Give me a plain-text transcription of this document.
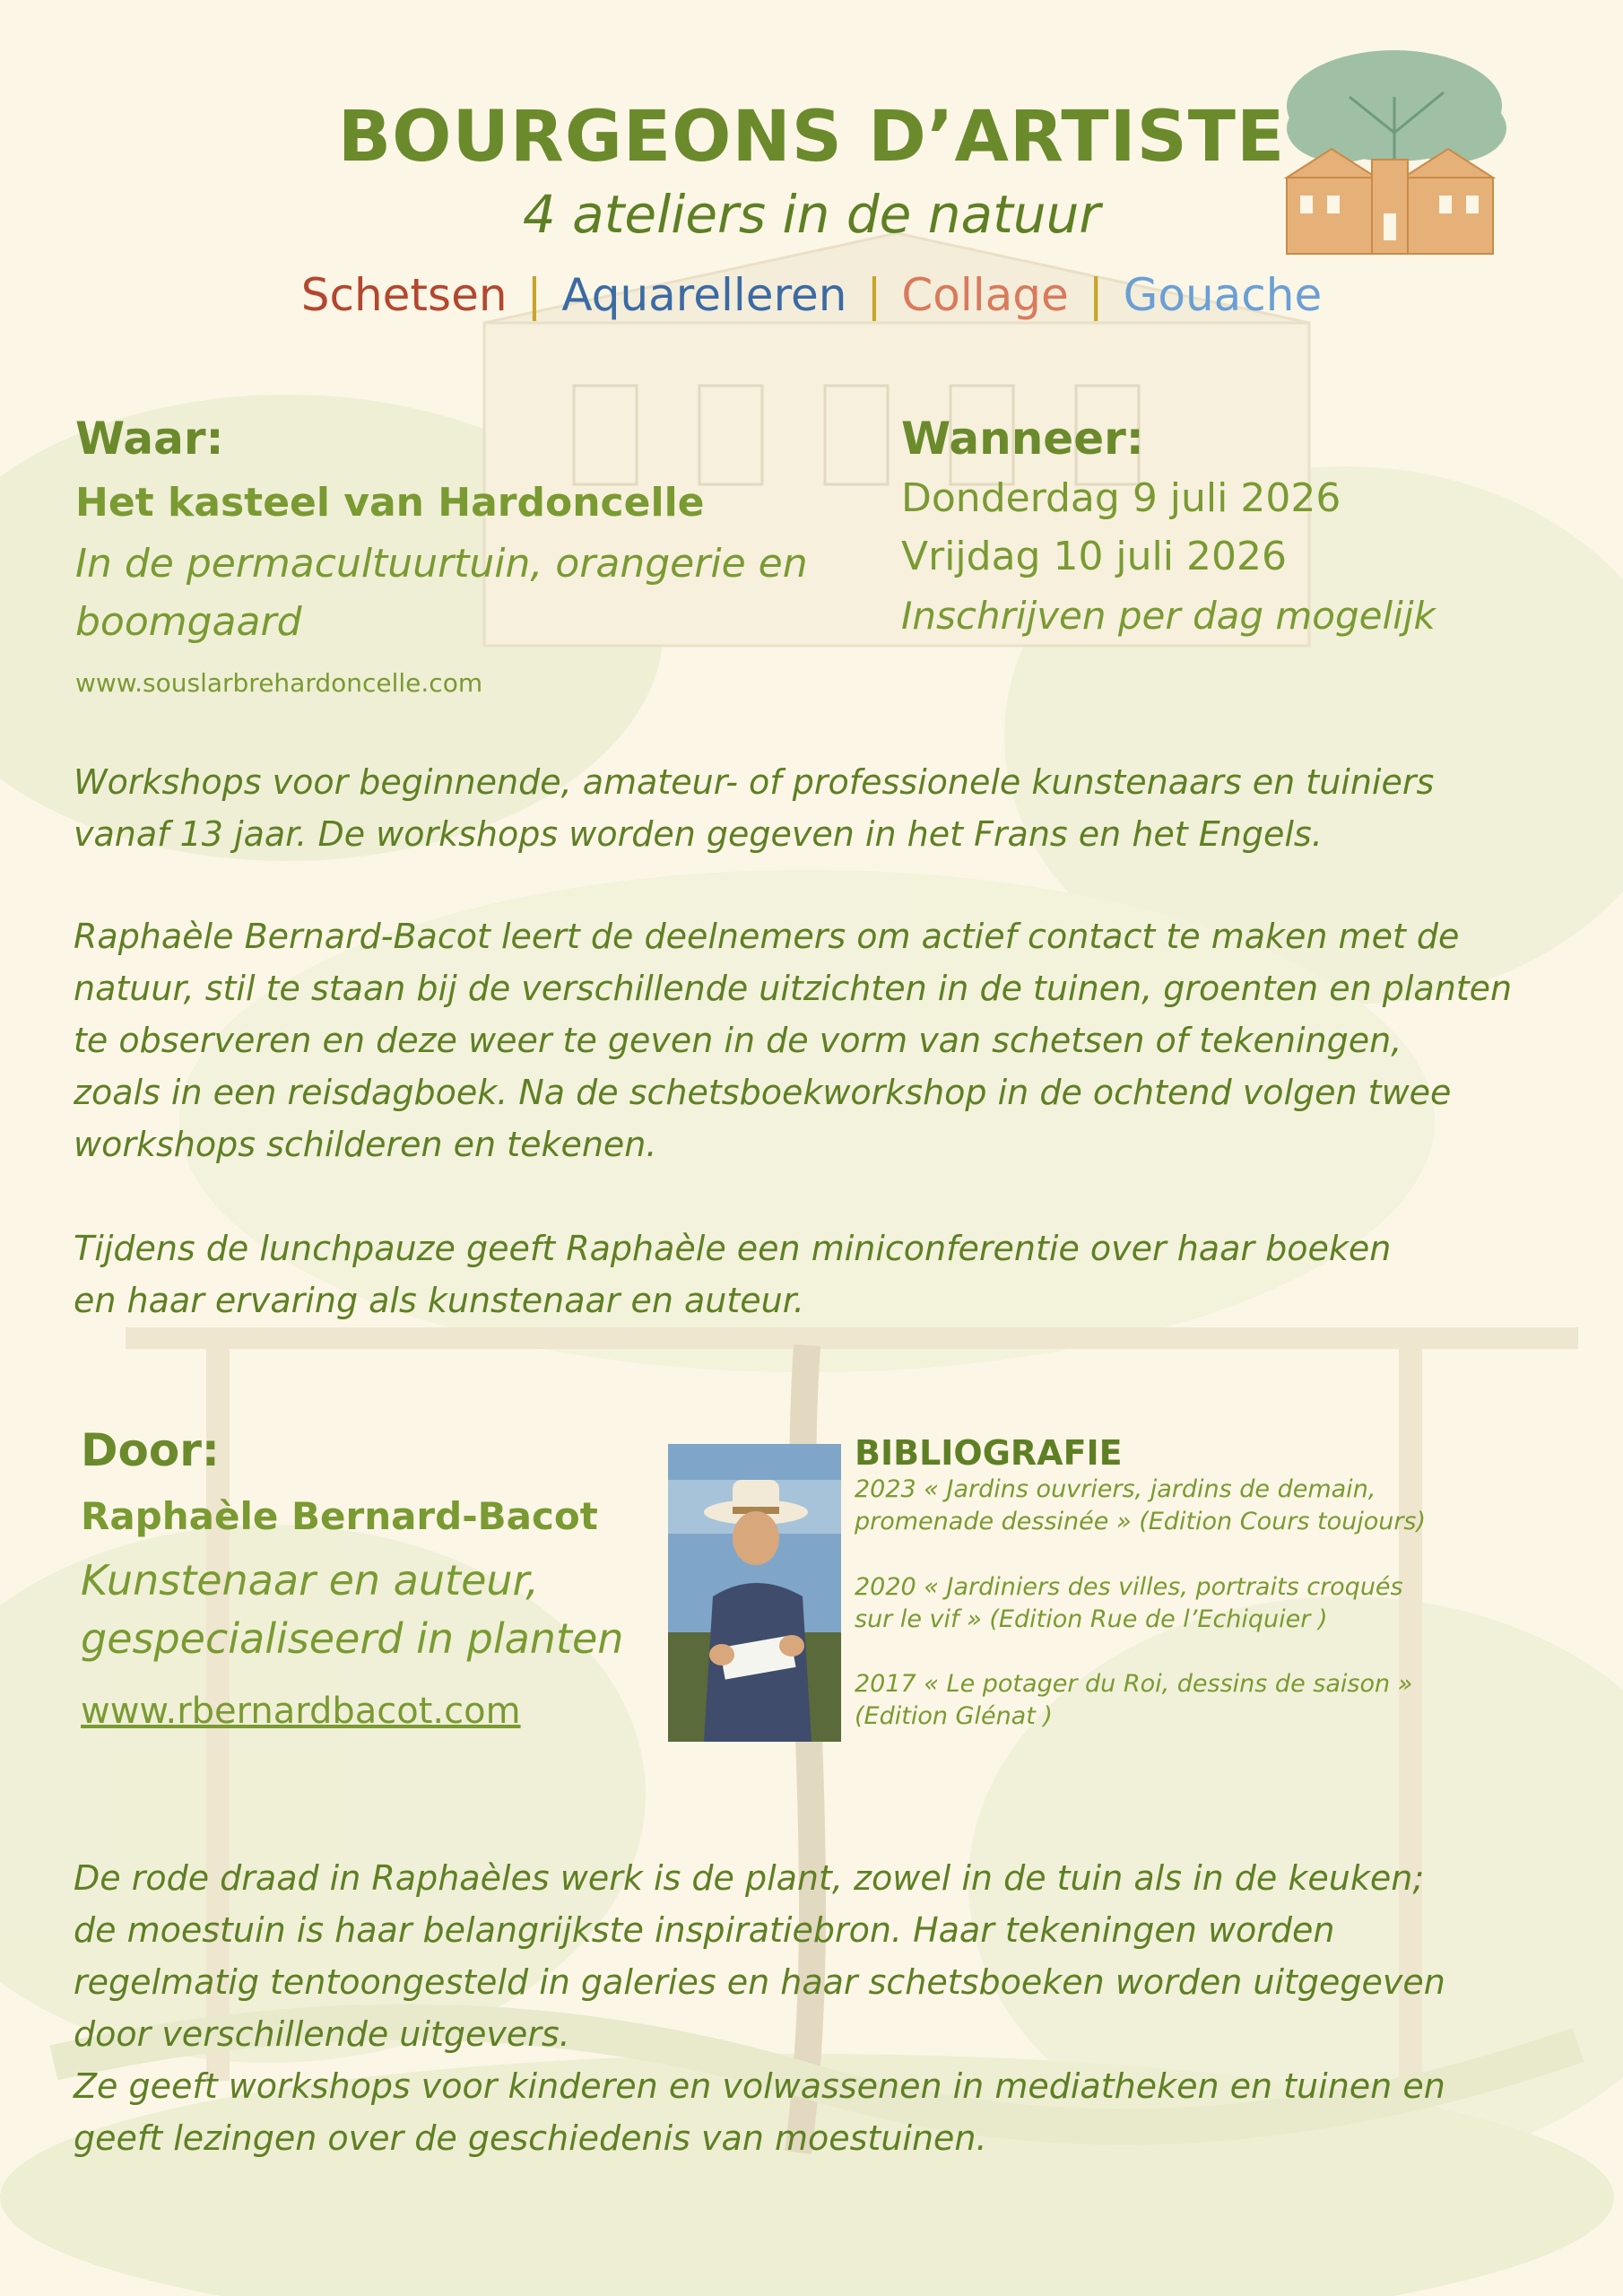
BOURGEONS D’ARTISTE
4 ateliers in de natuur
Schetsen | Aquarelleren | Collage | Gouache
Waar:
Het kasteel van Hardoncelle
In de permacultuurtuin, orangerie en
boomgaard
www.souslarbrehardoncelle.com
Wanneer:
Donderdag 9 juli 2026
Vrijdag 10 juli 2026
Inschrijven per dag mogelijk
Workshops voor beginnende, amateur- of professionele kunstenaars en tuiniers
vanaf 13 jaar. De workshops worden gegeven in het Frans en het Engels.
Raphaèle Bernard-Bacot leert de deelnemers om actief contact te maken met de
natuur, stil te staan bij de verschillende uitzichten in de tuinen, groenten en planten
te observeren en deze weer te geven in de vorm van schetsen of tekeningen,
zoals in een reisdagboek. Na de schetsboekworkshop in de ochtend volgen twee
workshops schilderen en tekenen.
Tijdens de lunchpauze geeft Raphaèle een miniconferentie over haar boeken
en haar ervaring als kunstenaar en auteur.
Door:
Raphaèle Bernard-Bacot
Kunstenaar en auteur,
gespecialiseerd in planten
www.rbernardbacot.com
BIBLIOGRAFIE
2023 « Jardins ouvriers, jardins de demain,
promenade dessinée » (Edition Cours toujours)
2020 « Jardiniers des villes, portraits croqués
sur le vif » (Edition Rue de l’Echiquier )
2017 « Le potager du Roi, dessins de saison »
(Edition Glénat )
De rode draad in Raphaèles werk is de plant, zowel in de tuin als in de keuken;
de moestuin is haar belangrijkste inspiratiebron. Haar tekeningen worden
regelmatig tentoongesteld in galeries en haar schetsboeken worden uitgegeven
door verschillende uitgevers.
Ze geeft workshops voor kinderen en volwassenen in mediatheken en tuinen en
geeft lezingen over de geschiedenis van moestuinen.
